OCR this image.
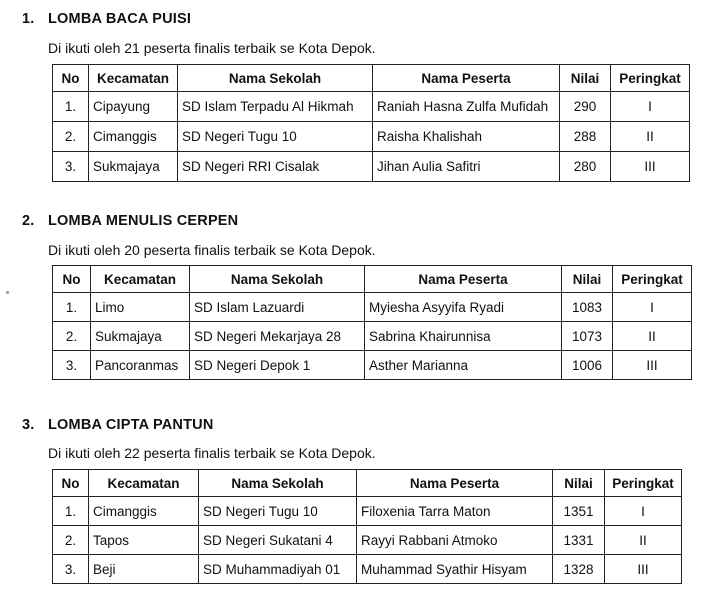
1. LOMBA BACA PUISI
Di ikuti oleh 21 peserta finalis terbaik se Kota Depok.
No	Kecamatan	Nama Sekolah	Nama Peserta	Nilai	Peringkat
1.	Cipayung	SD Islam Terpadu Al Hikmah	Raniah Hasna Zulfa Mufidah	290	I
2.	Cimanggis	SD Negeri Tugu 10	Raisha Khalishah	288	II
3.	Sukmajaya	SD Negeri RRI Cisalak	Jihan Aulia Safitri	280	III
2. LOMBA MENULIS CERPEN
Di ikuti oleh 20 peserta finalis terbaik se Kota Depok.
No	Kecamatan	Nama Sekolah	Nama Peserta	Nilai	Peringkat
1.	Limo	SD Islam Lazuardi	Myiesha Asyyifa Ryadi	1083	I
2.	Sukmajaya	SD Negeri Mekarjaya 28	Sabrina Khairunnisa	1073	II
3.	Pancoranmas	SD Negeri Depok 1	Asther Marianna	1006	III
3. LOMBA CIPTA PANTUN
Di ikuti oleh 22 peserta finalis terbaik se Kota Depok.
No	Kecamatan	Nama Sekolah	Nama Peserta	Nilai	Peringkat
1.	Cimanggis	SD Negeri Tugu 10	Filoxenia Tarra Maton	1351	I
2.	Tapos	SD Negeri Sukatani 4	Rayyi Rabbani Atmoko	1331	II
3.	Beji	SD Muhammadiyah 01	Muhammad Syathir Hisyam	1328	III
